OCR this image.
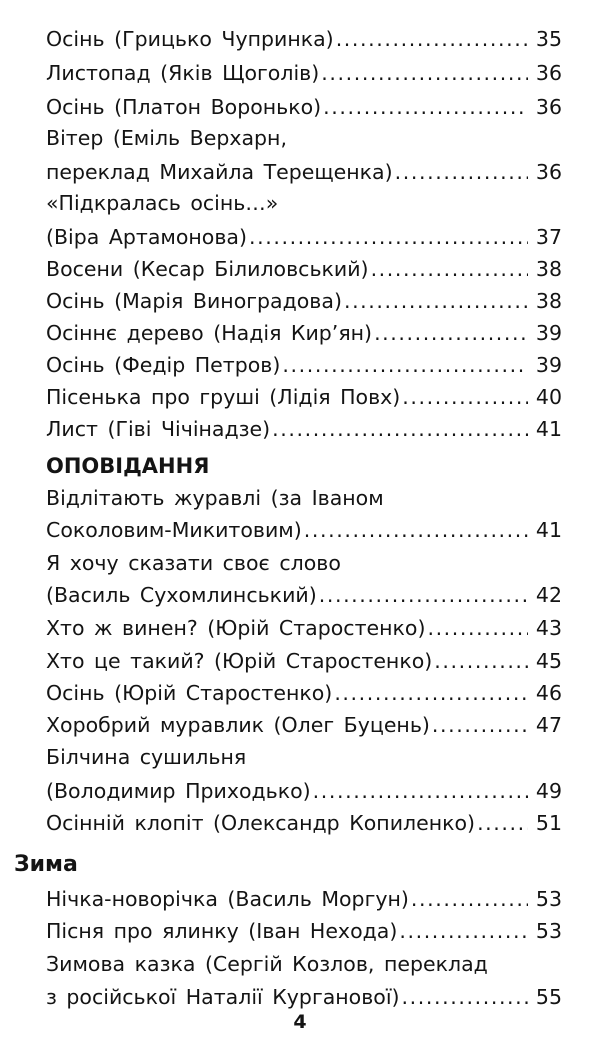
Осінь (Грицько Чупринка) .....	35
Листопад (Яків Щоголів) .....	36
Осінь (Платон Воронько) .....	36
Вітер (Еміль Верхарн,
переклад Михайла Терещенка) .....	36
«Підкралась осінь…»
(Віра Артамонова) .....	37
Восени (Кесар Білиловський) .....	38
Осінь (Марія Виноградова) .....	38
Осіннє дерево (Надія Кир’ян) .....	39
Осінь (Федір Петров) .....	39
Пісенька про груші (Лідія Повх) .....	40
Лист (Гіві Чічінадзе) .....	41
ОПОВІДАННЯ
Відлітають журавлі (за Іваном
Соколовим-Микитовим) .....	41
Я хочу сказати своє слово
(Василь Сухомлинський) .....	42
Хто ж винен? (Юрій Старостенко) .....	43
Хто це такий? (Юрій Старостенко) .....	45
Осінь (Юрій Старостенко) .....	46
Хоробрий муравлик (Олег Буцень) .....	47
Білчина сушильня
(Володимир Приходько) .....	49
Осінній клопіт (Олександр Копиленко) .....	51
Зима
Нічка-новорічка (Василь Моргун) .....	53
Пісня про ялинку (Іван Нехода) .....	53
Зимова казка (Сергій Козлов, переклад
з російської Наталії Курганової) .....	55
4
